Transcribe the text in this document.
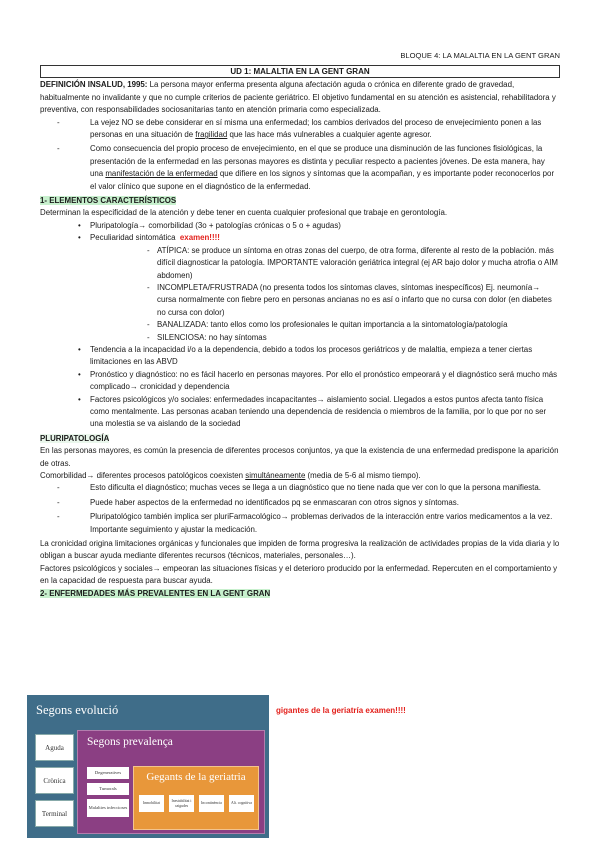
BLOQUE 4: LA MALALTIA EN LA GENT GRAN
UD 1: MALALTIA EN LA GENT GRAN

DEFINICIÓN INSALUD, 1995: La persona mayor enferma presenta alguna afectación aguda o crónica en diferente grado de gravedad, habitualmente no invalidante y que no cumple criterios de paciente geriátrico. El objetivo fundamental en su atención es asistencial, rehabilitadora y preventiva, con responsabilidades sociosanitarias tanto en atención primaria como especializada.

- La vejez NO se debe considerar en sí misma una enfermedad; los cambios derivados del proceso de envejecimiento ponen a las personas en una situación de fragilidad que las hace más vulnerables a cualquier agente agresor.
- Como consecuencia del propio proceso de envejecimiento, en el que se produce una disminución de las funciones fisiológicas, la presentación de la enfermedad en las personas mayores es distinta y peculiar respecto a pacientes jóvenes. De esta manera, hay una manifestación de la enfermedad que difiere en los signos y síntomas que la acompañan, y es importante poder reconocerlos por el valor clínico que supone en el diagnóstico de la enfermedad.

1- ELEMENTOS CARACTERÍSTICOS

Determinan la especificidad de la atención y debe tener en cuenta cualquier profesional que trabaje en gerontología.

• Pluripatología→ comorbilidad (3o + patologías crónicas o 5 o + agudas)
• Peculiaridad sintomática examen!!!!
- ATÍPICA: se produce un síntoma en otras zonas del cuerpo, de otra forma, diferente al resto de la población. más difícil diagnosticar la patología. IMPORTANTE valoración geriátrica integral (ej AR bajo dolor y mucha atrofia o AIM abdomen)
- INCOMPLETA/FRUSTRADA (no presenta todos los síntomas claves, síntomas inespecíficos) Ej. neumonía→ cursa normalmente con fiebre pero en personas ancianas no es así o infarto que no cursa con dolor (en diabetes no cursa con dolor)
- BANALIZADA: tanto ellos como los profesionales le quitan importancia a la sintomatología/patología
- SILENCIOSA: no hay síntomas
• Tendencia a la incapacidad i/o a la dependencia, debido a todos los procesos geriátricos y de malaltia, empieza a tener ciertas limitaciones en las ABVD
• Pronóstico y diagnóstico: no es fácil hacerlo en personas mayores. Por ello el pronóstico empeorará y el diagnóstico será mucho más complicado→ cronicidad y dependencia
• Factores psicológicos y/o sociales: enfermedades incapacitantes→ aislamiento social. Llegados a estos puntos afecta tanto física como mentalmente. Las personas acaban teniendo una dependencia de residencia o miembros de la familia, por lo que por no ser una molestia se va aislando de la sociedad

PLURIPATOLOGÍA

En las personas mayores, es común la presencia de diferentes procesos conjuntos, ya que la existencia de una enfermedad predispone la aparición de otras.

Comorbilidad→ diferentes procesos patológicos coexisten simultáneamente (media de 5-6 al mismo tiempo).

- Esto dificulta el diagnóstico; muchas veces se llega a un diagnóstico que no tiene nada que ver con lo que la persona manifiesta.
- Puede haber aspectos de la enfermedad no identificados pq se enmascaran con otros signos y síntomas.
- Pluripatológico también implica ser pluriFarmacológico→ problemas derivados de la interacción entre varios medicamentos a la vez. Importante seguimiento y ajustar la medicación.

La cronicidad origina limitaciones orgánicas y funcionales que impiden de forma progresiva la realización de actividades propias de la vida diaria y lo obligan a buscar ayuda mediante diferentes recursos (técnicos, materiales, personales…).

Factores psicológicos y sociales→ empeoran las situaciones físicas y el deterioro producido por la enfermedad. Repercuten en el comportamiento y en la capacidad de respuesta para buscar ayuda.

2- ENFERMEDADES MÁS PREVALENTES EN LA GENT GRAN

Segons evolució
Aguda
Crònica
Terminal
Segons prevalença
Degeneratives
Tumorals
Malalties infeccioses
Gegants de la geriatria
Inmobilitat
Inestabilitat i caigudes
Incontinència	Alt. cognitiva
gigantes de la geriatría examen!!!!
